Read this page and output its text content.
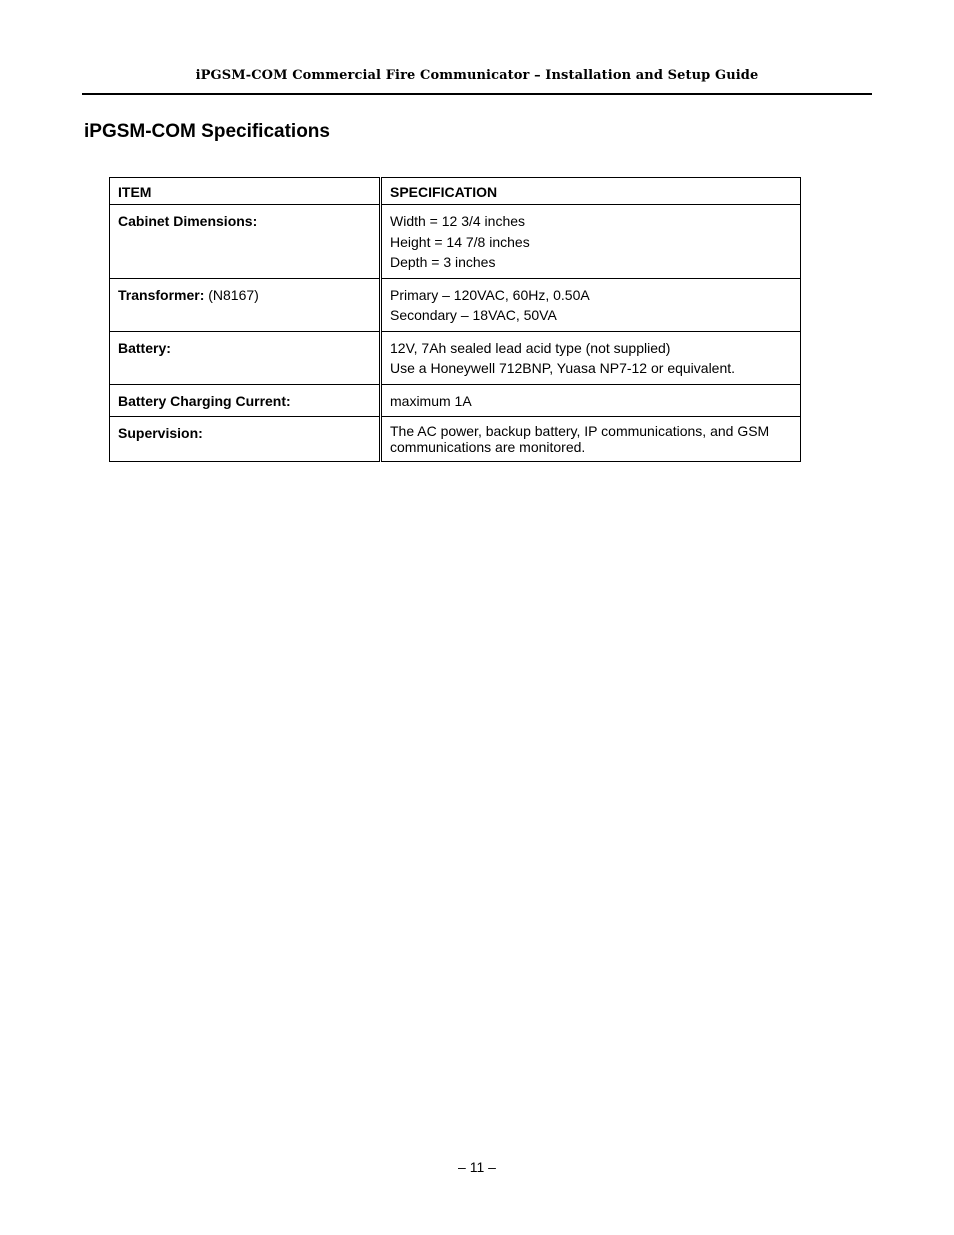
iPGSM-COM Commercial Fire Communicator – Installation and Setup Guide
iPGSM-COM Specifications
ITEM	SPECIFICATION

Cabinet Dimensions:	Width = 12 3/4 inches
Height = 14 7/8 inches
Depth = 3 inches

Transformer: (N8167)	Primary – 120VAC, 60Hz, 0.50A
Secondary – 18VAC, 50VA

Battery:	12V, 7Ah sealed lead acid type (not supplied)
Use a Honeywell 712BNP, Yuasa NP7-12 or equivalent.

Battery Charging Current:	maximum 1A

Supervision:	The AC power, backup battery, IP communications, and GSM communications are monitored.
– 11 –
